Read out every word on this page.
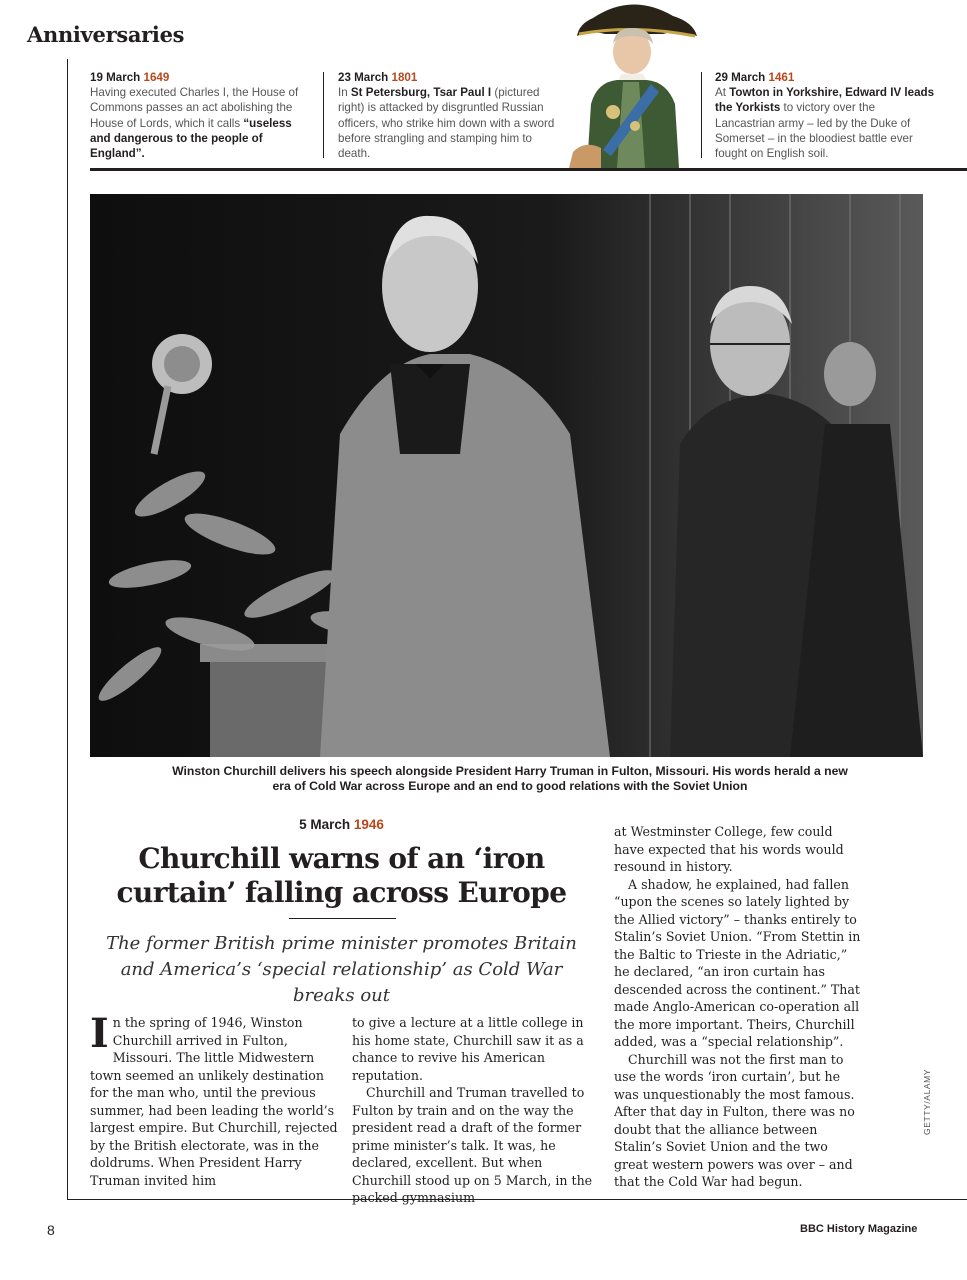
Anniversaries
19 March 1649
Having executed Charles I, the House of Commons passes an act abolishing the House of Lords, which it calls “useless and dangerous to the people of England”.
23 March 1801
In St Petersburg, Tsar Paul I (pictured right) is attacked by disgruntled Russian officers, who strike him down with a sword before strangling and stamping him to death.
29 March 1461
At Towton in Yorkshire, Edward IV leads the Yorkists to victory over the Lancastrian army – led by the Duke of Somerset – in the bloodiest battle ever fought on English soil.
Winston Churchill delivers his speech alongside President Harry Truman in Fulton, Missouri. His words herald a new era of Cold War across Europe and an end to good relations with the Soviet Union
5 March 1946
Churchill warns of an ‘iron curtain’ falling across Europe
The former British prime minister promotes Britain and America’s ‘special relationship’ as Cold War breaks out

In the spring of 1946, Winston Churchill arrived in Fulton, Missouri. The little Midwestern town seemed an unlikely destination for the man who, until the previous summer, had been leading the world’s largest empire. But Churchill, rejected by the British electorate, was in the doldrums. When President Harry Truman invited him

to give a lecture at a little college in his home state, Churchill saw it as a chance to revive his American reputation.

Churchill and Truman travelled to Fulton by train and on the way the president read a draft of the former prime minister’s talk. It was, he declared, excellent. But when Churchill stood up on 5 March, in the packed gymnasium

at Westminster College, few could have expected that his words would resound in history.

A shadow, he explained, had fallen “upon the scenes so lately lighted by the Allied victory” – thanks entirely to Stalin’s Soviet Union. “From Stettin in the Baltic to Trieste in the Adriatic,” he declared, “an iron curtain has descended across the continent.” That made Anglo-American co-operation all the more important. Theirs, Churchill added, was a “special relationship”.

Churchill was not the first man to use the words ‘iron curtain’, but he was unquestionably the most famous. After that day in Fulton, there was no doubt that the alliance between Stalin’s Soviet Union and the two great western powers was over – and that the Cold War had begun.

GETTY/ALAMY
8	BBC History Magazine
